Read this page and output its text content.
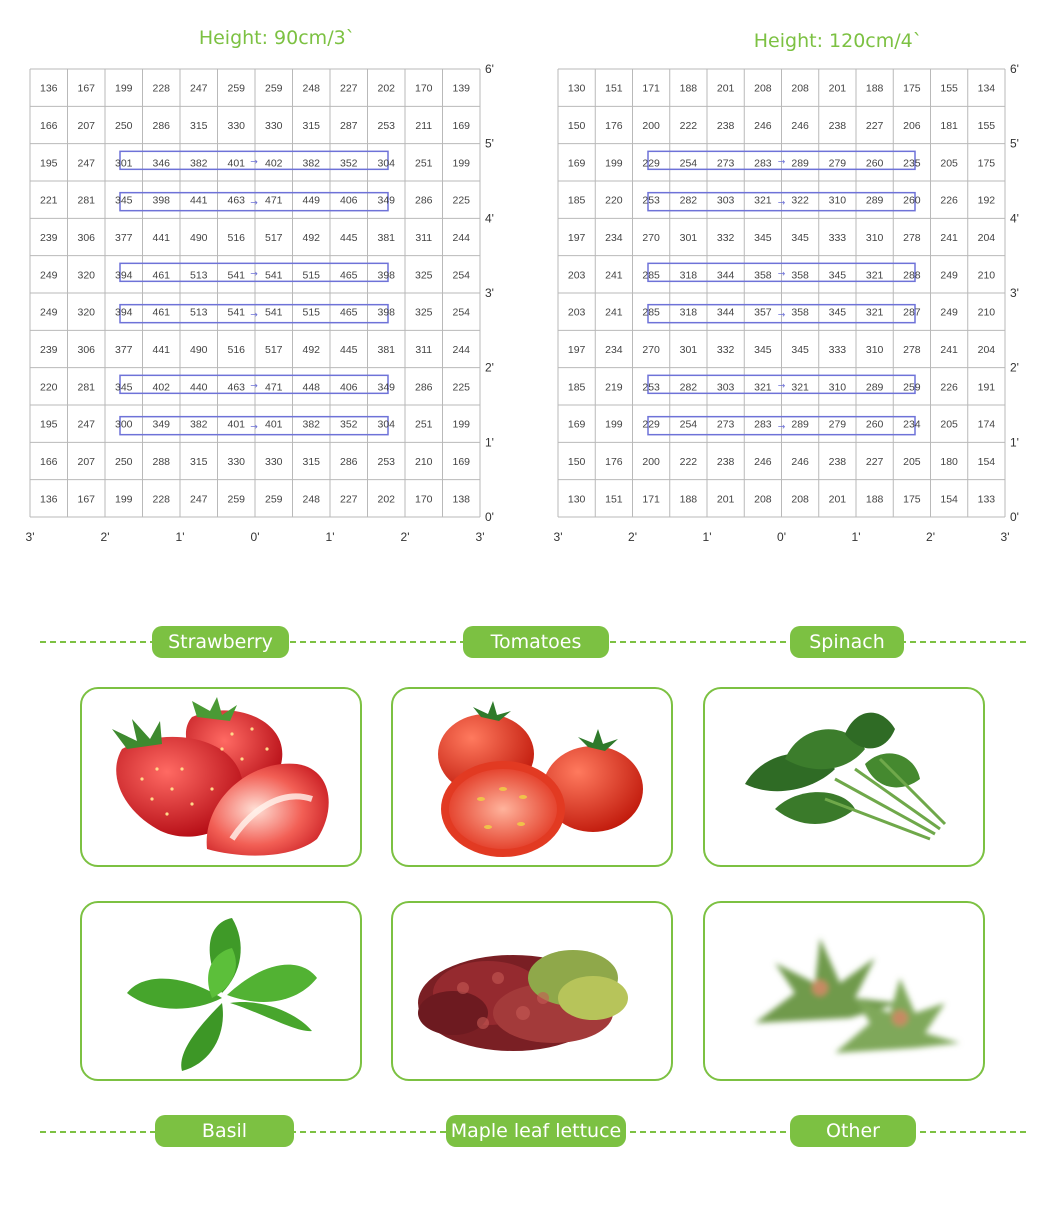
Height: 90cm/3`	Height: 120cm/4`
→
→
→
→
→
→
136 167 199 228 247 259 259 248 227 202 170 139
166 207 250 286 315 330 330 315 287 253 211 169
195 247 301 346 382 401 402 382 352 304 251 199
221 281 345 398 441 463 471 449 406 349 286 225
239 306 377 441 490 516 517 492 445 381 311 244
249 320 394 461 513 541 541 515 465 398 325 254
249 320 394 461 513 541 541 515 465 398 325 254
239 306 377 441 490 516 517 492 445 381 311 244
220 281 345 402 440 463 471 448 406 349 286 225
195 247 300 349 382 401 401 382 352 304 251 199
166 207 250 288 315 330 330 315 286 253 210 169
136 167 199 228 247 259 259 248 227 202 170 138
3'	2'	1'	0'	1'	2'	3'
0'
1'
2'
3'
4'
5'
6'
→
→
→
→
→
→
130 151 171 188 201 208 208 201 188 175 155 134
150 176 200 222 238 246 246 238 227 206 181 155
169 199 229 254 273 283 289 279 260 235 205 175
185 220 253 282 303 321 322 310 289 260 226 192
197 234 270 301 332 345 345 333 310 278 241 204
203 241 285 318 344 358 358 345 321 288 249 210
203 241 285 318 344 357 358 345 321 287 249 210
197 234 270 301 332 345 345 333 310 278 241 204
185 219 253 282 303 321 321 310 289 259 226 191
169 199 229 254 273 283 289 279 260 234 205 174
150 176 200 222 238 246 246 238 227 205 180 154
130 151 171 188 201 208 208 201 188 175 154 133
3'	2'	1'	0'	1'	2'	3'
0'
1'
2'
3'
4'
5'
6'
Strawberry	Tomatoes	Spinach
Basil	Maple leaf lettuce	Other
